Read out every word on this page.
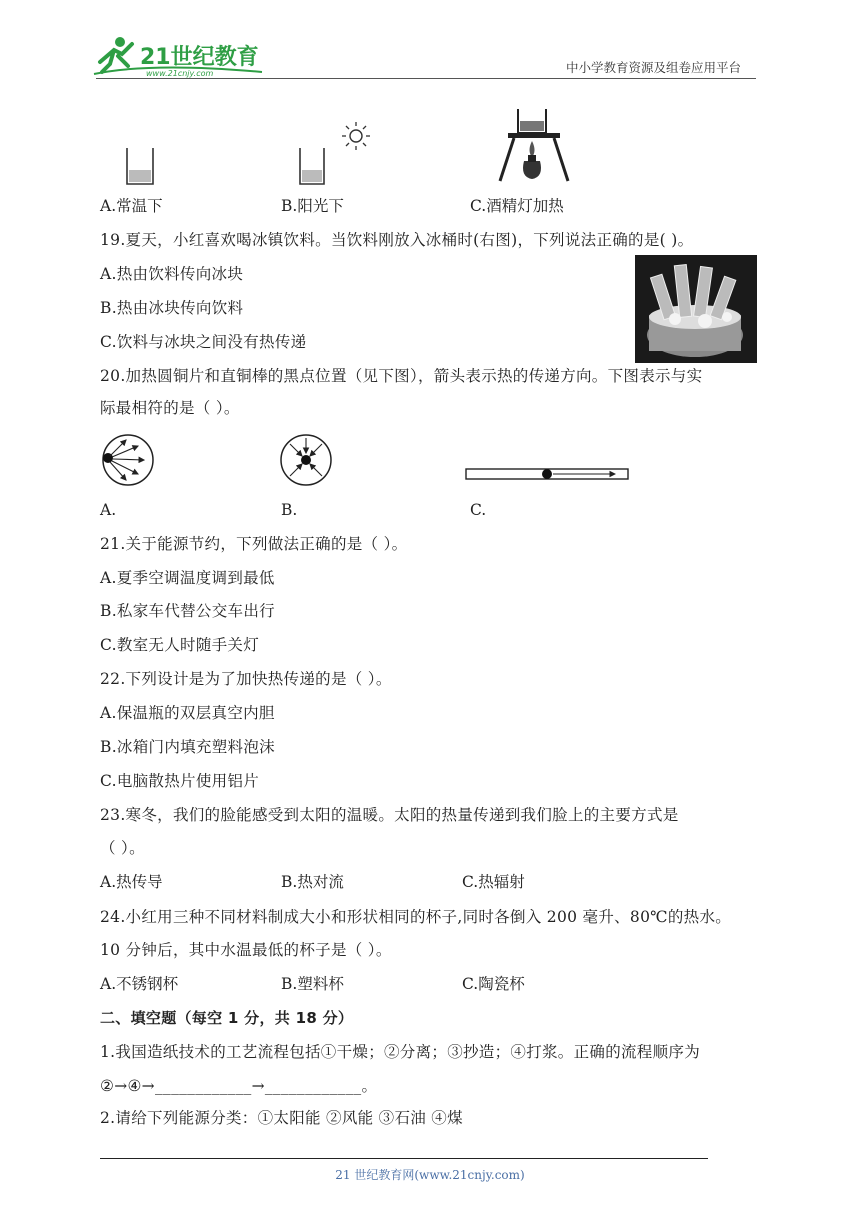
21世纪教育
www.21cnjy.com	中小学教育资源及组卷应用平台
A.常温下	B.阳光下	C.酒精灯加热
19.夏天，小红喜欢喝冰镇饮料。当饮料刚放入冰桶时(右图)，下列说法正确的是( )。
A.热由饮料传向冰块
B.热由冰块传向饮料
C.饮料与冰块之间没有热传递
20.加热圆铜片和直铜棒的黑点位置（见下图），箭头表示热的传递方向。下图表示与实
际最相符的是（ ）。
A.	B.	C.
21.关于能源节约，下列做法正确的是（ ）。
A.夏季空调温度调到最低
B.私家车代替公交车出行
C.教室无人时随手关灯
22.下列设计是为了加快热传递的是（ ）。
A.保温瓶的双层真空内胆
B.冰箱门内填充塑料泡沫
C.电脑散热片使用铝片
23.寒冬，我们的脸能感受到太阳的温暖。太阳的热量传递到我们脸上的主要方式是
（ ）。
A.热传导	B.热对流	C.热辐射
24.小红用三种不同材料制成大小和形状相同的杯子,同时各倒入 200 毫升、80℃的热水。
10 分钟后，其中水温最低的杯子是（ ）。
A.不锈钢杯	B.塑料杯	C.陶瓷杯
二、填空题（每空 1 分，共 18 分）
1.我国造纸技术的工艺流程包括①干燥；②分离；③抄造；④打浆。正确的流程顺序为
②→④→____________→____________。
2.请给下列能源分类：①太阳能 ②风能 ③石油 ④煤
21 世纪教育网(www.21cnjy.com)
